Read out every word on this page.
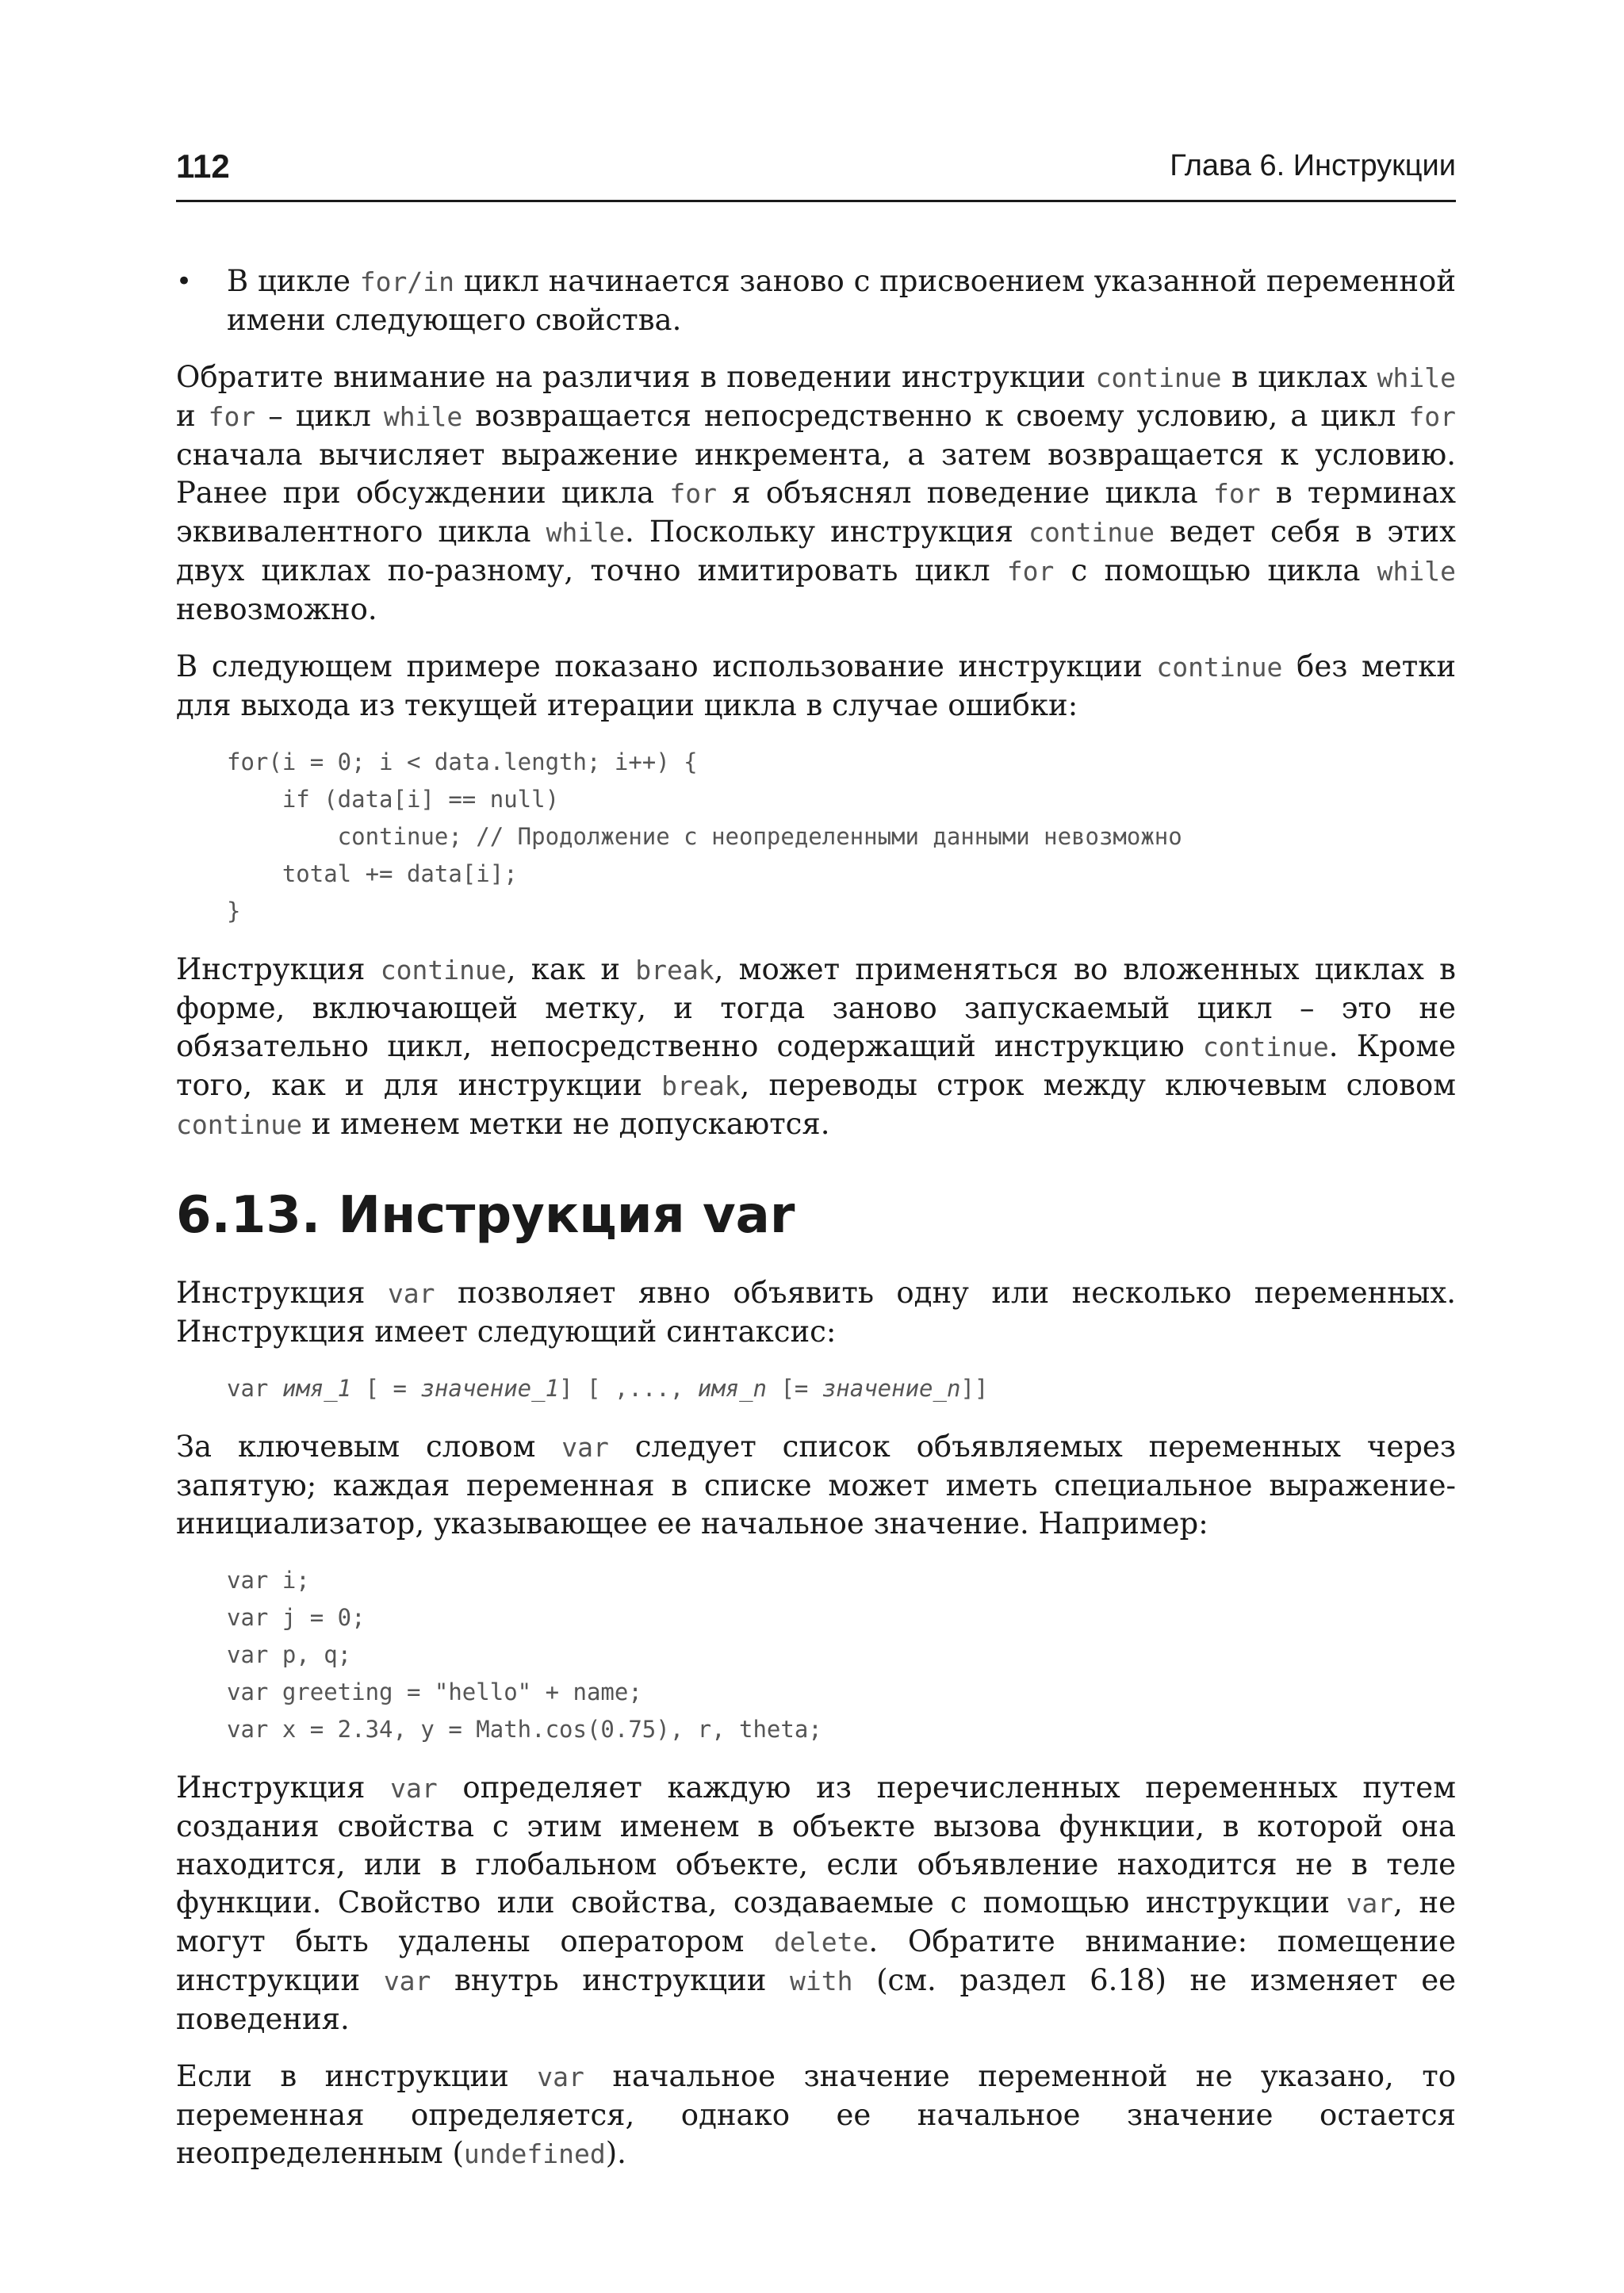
112	Глава 6. Инструкции
•	В цикле for/in цикл начинается заново с присвоением указанной переменной имени следующего свойства.

Обратите внимание на различия в поведении инструкции continue в циклах while и for – цикл while возвращается непосредственно к своему условию, а цикл for сначала вычисляет выражение инкремента, а затем возвращается к условию. Ранее при обсуждении цикла for я объяснял поведение цикла for в терминах эквивалентного цикла while. Поскольку инструкция continue ведет себя в этих двух циклах по-разному, точно имитировать цикл for с помощью цикла while невозможно.

В следующем примере показано использование инструкции continue без метки для выхода из текущей итерации цикла в случае ошибки:

for(i = 0; i < data.length; i++) {
if (data[i] == null)
continue; // Продолжение с неопределенными данными невозможно
total += data[i];
}

Инструкция continue, как и break, может применяться во вложенных циклах в форме, включающей метку, и тогда заново запускаемый цикл – это не обязательно цикл, непосредственно содержащий инструкцию continue. Кроме того, как и для инструкции break, переводы строк между ключевым словом continue и именем метки не допускаются.

6.13. Инструкция var

Инструкция var позволяет явно объявить одну или несколько переменных. Инструкция имеет следующий синтаксис:

var имя_1 [ = значение_1] [ ,..., имя_n [= значение_n]]

За ключевым словом var следует список объявляемых переменных через запятую; каждая переменная в списке может иметь специальное выражение-инициализатор, указывающее ее начальное значение. Например:

var i;
var j = 0;
var p, q;
var greeting = "hello" + name;
var x = 2.34, y = Math.cos(0.75), r, theta;

Инструкция var определяет каждую из перечисленных переменных путем создания свойства с этим именем в объекте вызова функции, в которой она находится, или в глобальном объекте, если объявление находится не в теле функции. Свойство или свойства, создаваемые с помощью инструкции var, не могут быть удалены оператором delete. Обратите внимание: помещение инструкции var внутрь инструкции with (см. раздел 6.18) не изменяет ее поведения.

Если в инструкции var начальное значение переменной не указано, то переменная определяется, однако ее начальное значение остается неопределенным (undefined).
